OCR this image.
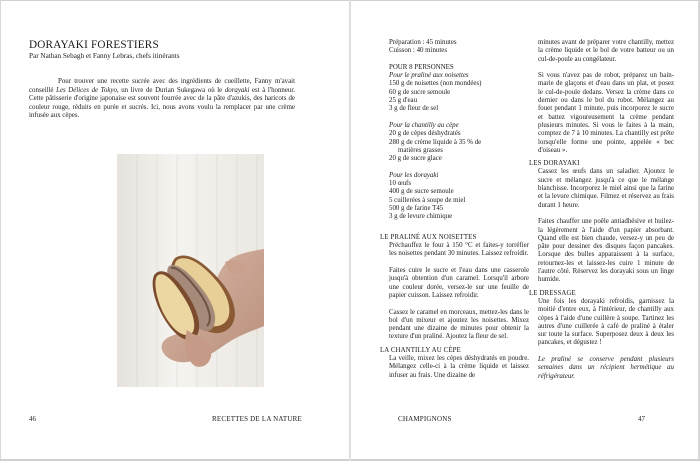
DORAYAKI FORESTIERS

Par Nathan Sebagh et Fanny Lebras, chefs itinérants

Pour trouver une recette sucrée avec des ingrédients de cueillette, Fanny m'avait conseillé Les Délices de Tokyo, un livre de Durian Sukegawa où le dorayaki est à l'honneur. Cette pâtisserie d'origine japonaise est souvent fourrée avec de la pâte d'azukis, des haricots de couleur rouge, réduits en purée et sucrés. Ici, nous avons voulu la remplacer par une crème infusée aux cèpes.

46	RECETTES DE LA NATURE
Préparation : 45 minutes
Cuisson : 40 minutes
POUR 8 PERSONNES
Pour le praliné aux noisettes
150 g de noisettes (non mondées)
60 g de sucre semoule
25 g d'eau
3 g de fleur de sel
Pour la chantilly au cèpe
20 g de cèpes déshydratés
280 g de crème liquide à 35 % de
matières grasses
20 g de sucre glace
Pour les dorayaki
10 œufs
400 g de sucre semoule
5 cuillerées à soupe de miel
500 g de farine T45
3 g de levure chimique
LE PRALINÉ AUX NOISETTES

Préchauffez le four à 150 °C et faites-y torréfier les noisettes pendant 30 minutes. Laissez refroidir.

Faites cuire le sucre et l'eau dans une casserole jusqu'à obtention d'un caramel. Lorsqu'il arbore une couleur dorée, versez-le sur une feuille de papier cuisson. Laissez refroidir.

Cassez le caramel en morceaux, mettez-les dans le bol d'un mixeur et ajoutez les noisettes. Mixez pendant une dizaine de minutes pour obtenir la texture d'un praliné. Ajoutez la fleur de sel.

LA CHANTILLY AU CÈPE

La veille, mixez les cèpes déshydratés en poudre. Mélangez celle-ci à la crème liquide et laissez infuser au frais. Une dizaine de

minutes avant de préparer votre chantilly, mettez la crème liquide et le bol de votre batteur ou un cul-de-poule au congélateur.

Si vous n'avez pas de robot, préparez un bain-marie de glaçons et d'eau dans un plat, et posez le cul-de-poule dedans. Versez la crème dans ce dernier ou dans le bol du robot. Mélangez au fouet pendant 1 minute, puis incorporez le sucre et battez vigoureusement la crème pendant plusieurs minutes. Si vous le faites à la main, comptez de 7 à 10 minutes. La chantilly est prête lorsqu'elle forme une pointe, appelée « bec d'oiseau ».

LES DORAYAKI

Cassez les œufs dans un saladier. Ajoutez le sucre et mélangez jusqu'à ce que le mélange blanchisse. Incorporez le miel ainsi que la farine et la levure chimique. Filmez et réservez au frais durant 1 heure.

Faites chauffer une poêle antiadhésive et huilez-la légèrement à l'aide d'un papier absorbant. Quand elle est bien chaude, versez-y un peu de pâte pour dessiner des disques façon pancakes. Lorsque des bulles apparaissent à la surface, retournez-les et laissez-les cuire 1 minute de l'autre côté. Réservez les dorayaki sous un linge humide.

LE DRESSAGE

Une fois les dorayaki refroidis, garnissez la moitié d'entre eux, à l'intérieur, de chantilly aux cèpes à l'aide d'une cuillère à soupe. Tartinez les autres d'une cuillerée à café de praliné à étaler sur toute la surface. Superposez deux à deux les pancakes, et dégustez !

Le praliné se conserve pendant plusieurs semaines dans un récipient hermétique au réfrigérateur.

CHAMPIGNONS	47
